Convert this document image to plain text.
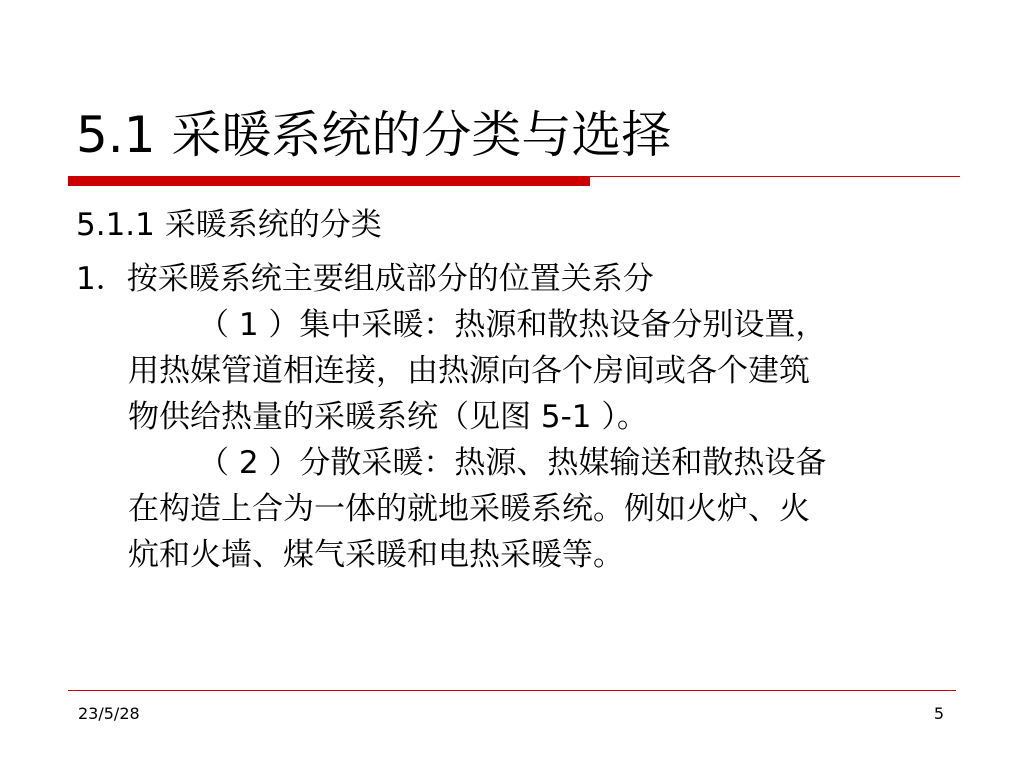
5.1 采暖系统的分类与选择
5.1.1 采暖系统的分类
1．按采暖系统主要组成部分的位置关系分
（ 1 ）集中采暖：热源和散热设备分别设置，
用热媒管道相连接，由热源向各个房间或各个建筑
物供给热量的采暖系统（见图 5-1 ）。
（ 2 ）分散采暖：热源、热媒输送和散热设备
在构造上合为一体的就地采暖系统。例如火炉、火
炕和火墙、煤气采暖和电热采暖等。
23/5/28	5
